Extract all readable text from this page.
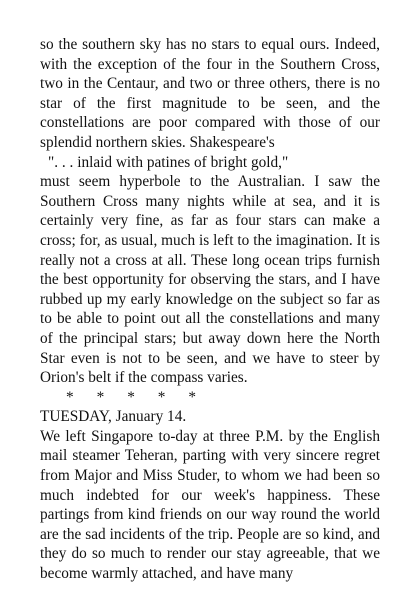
so the southern sky has no stars to equal ours. Indeed, with the exception of the four in the Southern Cross, two in the Centaur, and two or three others, there is no star of the first magnitude to be seen, and the constellations are poor compared with those of our splendid northern skies. Shakespeare's

". . . inlaid with patines of bright gold,"

must seem hyperbole to the Australian. I saw the Southern Cross many nights while at sea, and it is certainly very fine, as far as four stars can make a cross; for, as usual, much is left to the imagination. It is really not a cross at all. These long ocean trips furnish the best opportunity for observing the stars, and I have rubbed up my early knowledge on the subject so far as to be able to point out all the constellations and many of the principal stars; but away down here the North Star even is not to be seen, and we have to steer by Orion's belt if the compass varies.

*      *      *      *      *

TUESDAY, January 14.

We left Singapore to-day at three P.M. by the English mail steamer Teheran, parting with very sincere regret from Major and Miss Studer, to whom we had been so much indebted for our week's happiness. These partings from kind friends on our way round the world are the sad incidents of the trip. People are so kind, and they do so much to render our stay agreeable, that we become warmly attached, and have many
